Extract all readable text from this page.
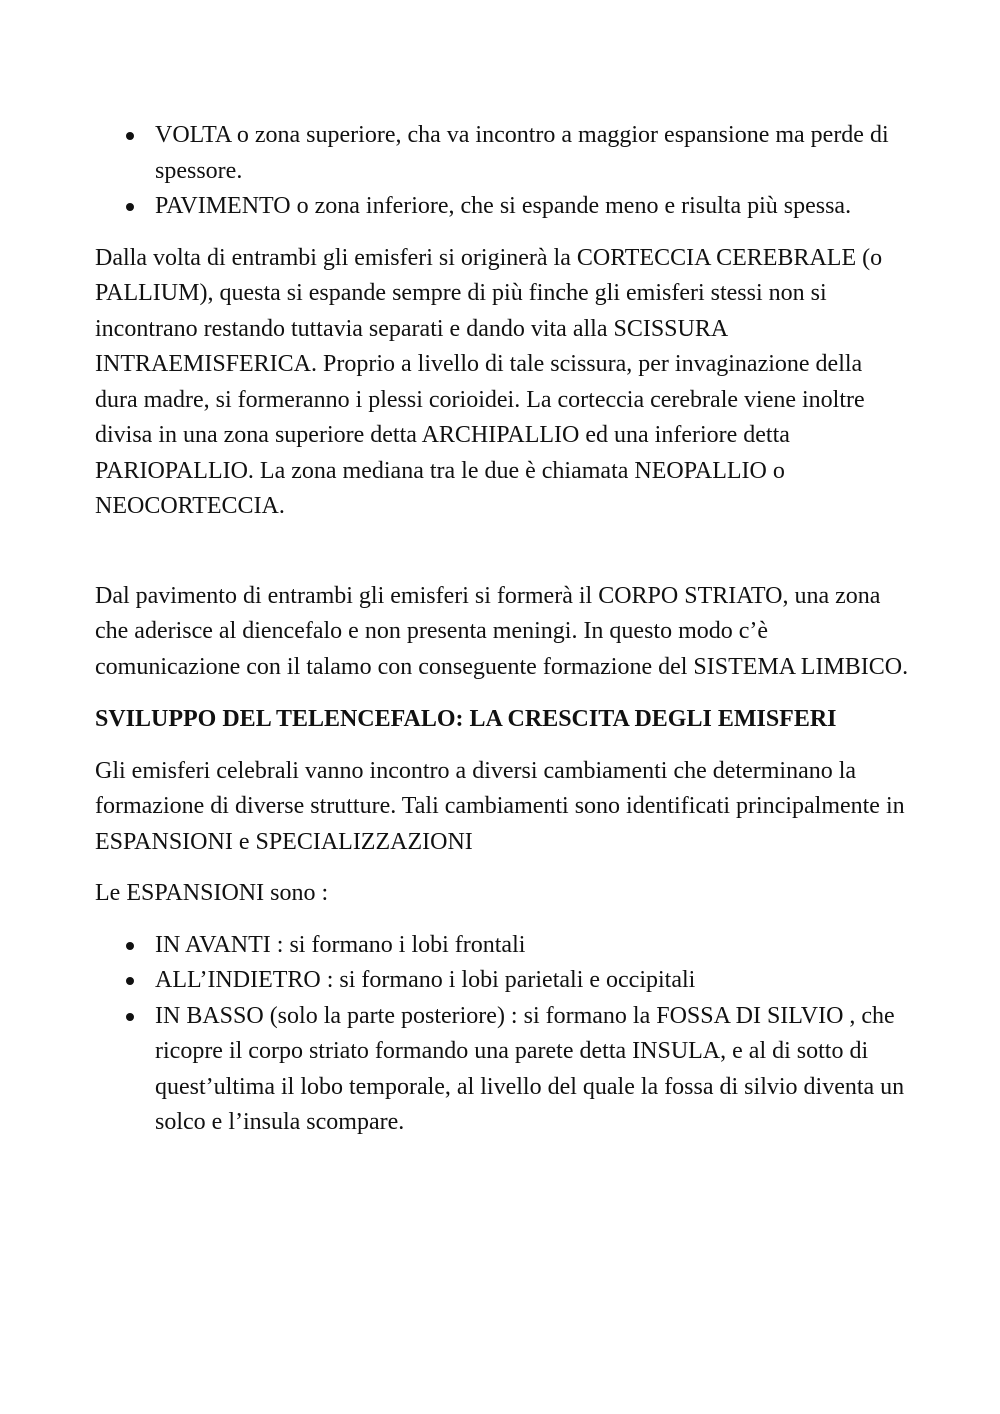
VOLTA o zona superiore, cha va incontro a maggior espansione ma perde di spessore.
PAVIMENTO o zona inferiore, che si espande meno e risulta più spessa.

Dalla volta di entrambi gli emisferi si originerà la CORTECCIA CEREBRALE (o PALLIUM), questa si espande sempre di più finche gli emisferi stessi non si incontrano restando tuttavia separati e dando vita alla SCISSURA INTRAEMISFERICA. Proprio a livello di tale scissura, per invaginazione della dura madre, si formeranno i plessi corioidei. La corteccia cerebrale viene inoltre divisa in una zona superiore detta ARCHIPALLIO ed una inferiore detta PARIOPALLIO. La zona mediana tra le due è chiamata NEOPALLIO o NEOCORTECCIA.

Dal pavimento di entrambi gli emisferi si formerà il CORPO STRIATO, una zona che aderisce al diencefalo e non presenta meningi. In questo modo c’è comunicazione con il talamo con conseguente formazione del SISTEMA LIMBICO.

SVILUPPO DEL TELENCEFALO: LA CRESCITA DEGLI EMISFERI

Gli emisferi celebrali vanno incontro a diversi cambiamenti che determinano la formazione di diverse strutture. Tali cambiamenti sono identificati principalmente in ESPANSIONI e SPECIALIZZAZIONI

Le ESPANSIONI sono :

IN AVANTI : si formano i lobi frontali
ALL’INDIETRO : si formano i lobi parietali e occipitali
IN BASSO (solo la parte posteriore) : si formano la FOSSA DI SILVIO , che ricopre il corpo striato formando una parete detta INSULA, e al di sotto di quest’ultima il lobo temporale, al livello del quale la fossa di silvio diventa un solco e l’insula scompare.
